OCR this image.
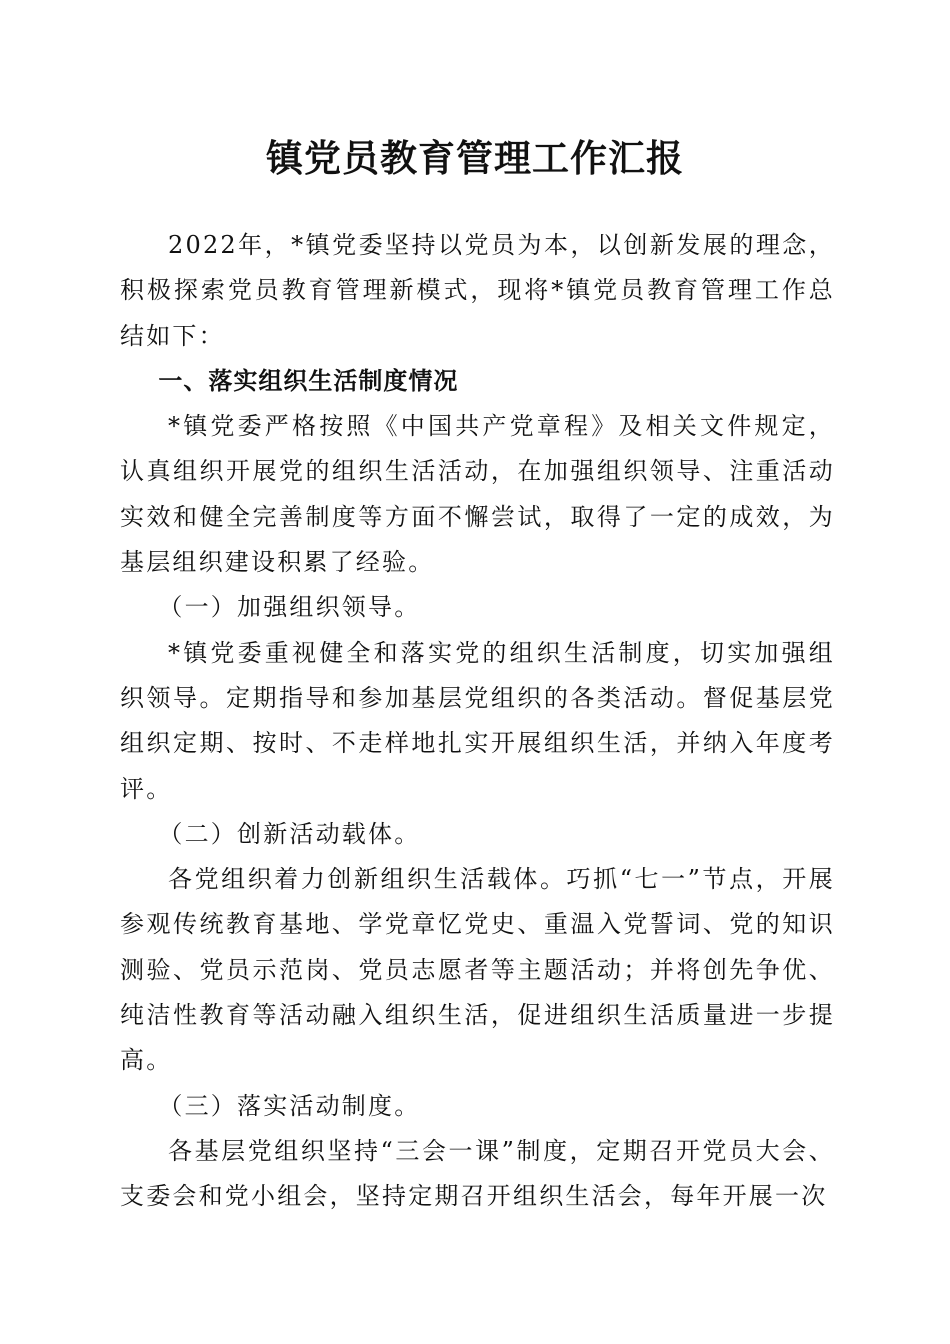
镇党员教育管理工作汇报

2022年，*镇党委坚持以党员为本，以创新发展的理念，积极探索党员教育管理新模式，现将*镇党员教育管理工作总结如下：

一、落实组织生活制度情况

*镇党委严格按照《中国共产党章程》及相关文件规定，认真组织开展党的组织生活活动，在加强组织领导、注重活动实效和健全完善制度等方面不懈尝试，取得了一定的成效，为基层组织建设积累了经验。

（一）加强组织领导。

*镇党委重视健全和落实党的组织生活制度，切实加强组织领导。定期指导和参加基层党组织的各类活动。督促基层党组织定期、按时、不走样地扎实开展组织生活，并纳入年度考评。

（二）创新活动载体。

各党组织着力创新组织生活载体。巧抓“七一”节点，开展参观传统教育基地、学党章忆党史、重温入党誓词、党的知识测验、党员示范岗、党员志愿者等主题活动；并将创先争优、纯洁性教育等活动融入组织生活，促进组织生活质量进一步提高。

（三）落实活动制度。

各基层党组织坚持“三会一课”制度，定期召开党员大会、支委会和党小组会，坚持定期召开组织生活会，每年开展一次
